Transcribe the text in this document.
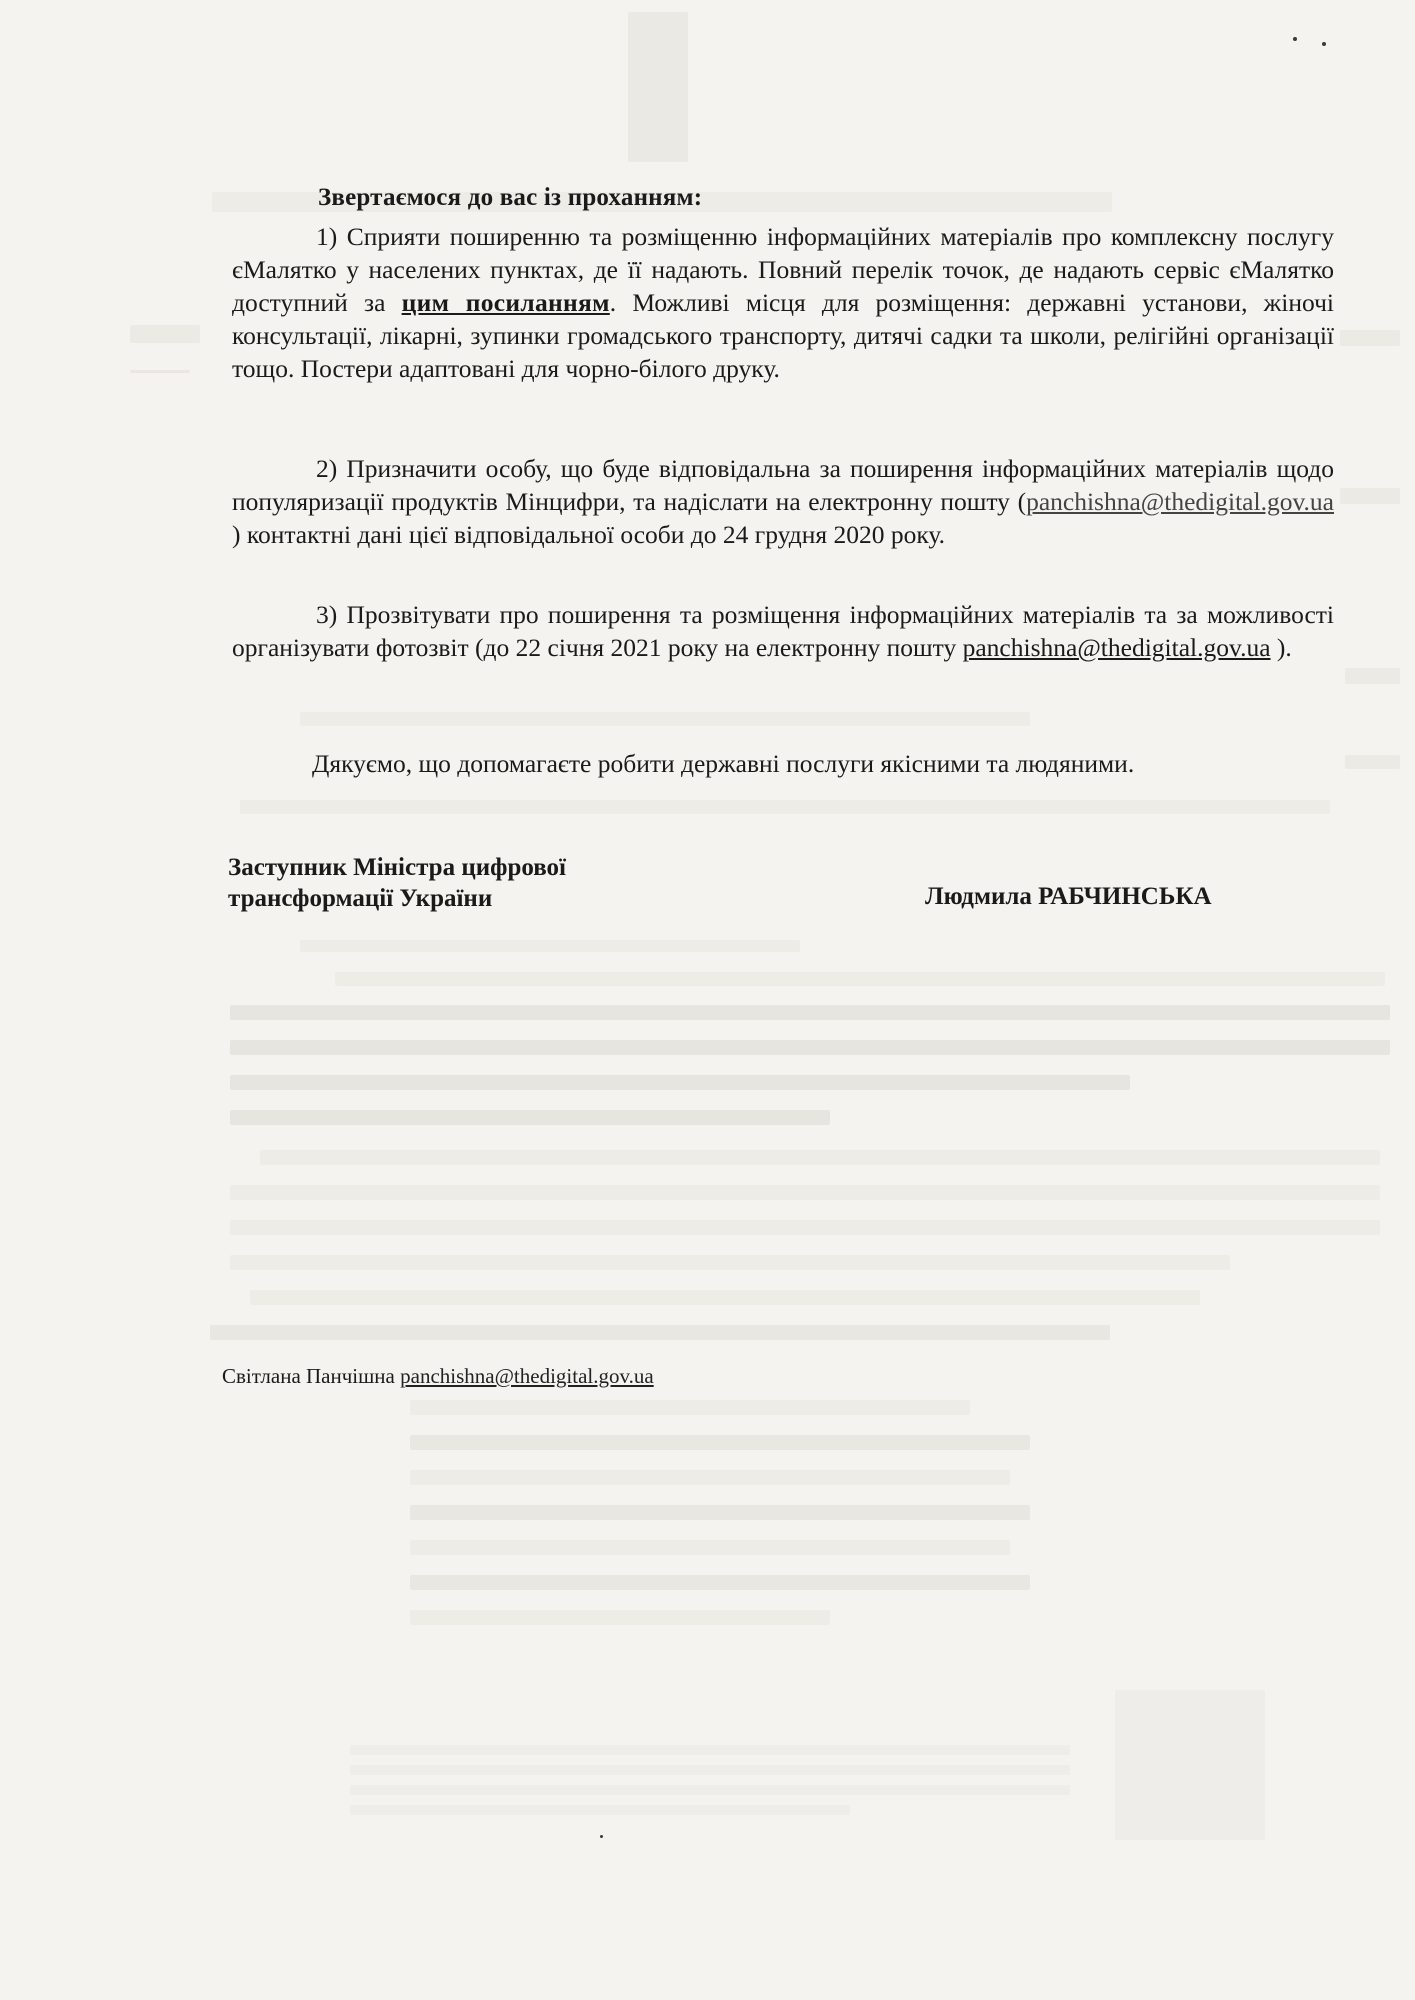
Звертаємося до вас із проханням:

1) Сприяти поширенню та розміщенню інформаційних матеріалів про комплексну послугу єМалятко у населених пунктах, де її надають. Повний перелік точок, де надають сервіс єМалятко доступний за цим посиланням. Можливі місця для розміщення: державні установи, жіночі консультації, лікарні, зупинки громадського транспорту, дитячі садки та школи, релігійні організації тощо. Постери адаптовані для чорно-білого друку.

2) Призначити особу, що буде відповідальна за поширення інформаційних матеріалів щодо популяризації продуктів Мінцифри, та надіслати на електронну пошту (panchishna@thedigital.gov.ua ) контактні дані цієї відповідальної особи до 24 грудня 2020 року.

3) Прозвітувати про поширення та розміщення інформаційних матеріалів та за можливості організувати фотозвіт (до 22 січня 2021 року на електронну пошту panchishna@thedigital.gov.ua ).

Дякуємо, що допомагаєте робити державні послуги якісними та людяними.
Заступник Міністра цифрової
трансформації України	Людмила РАБЧИНСЬКА
Світлана Панчішна panchishna@thedigital.gov.ua
